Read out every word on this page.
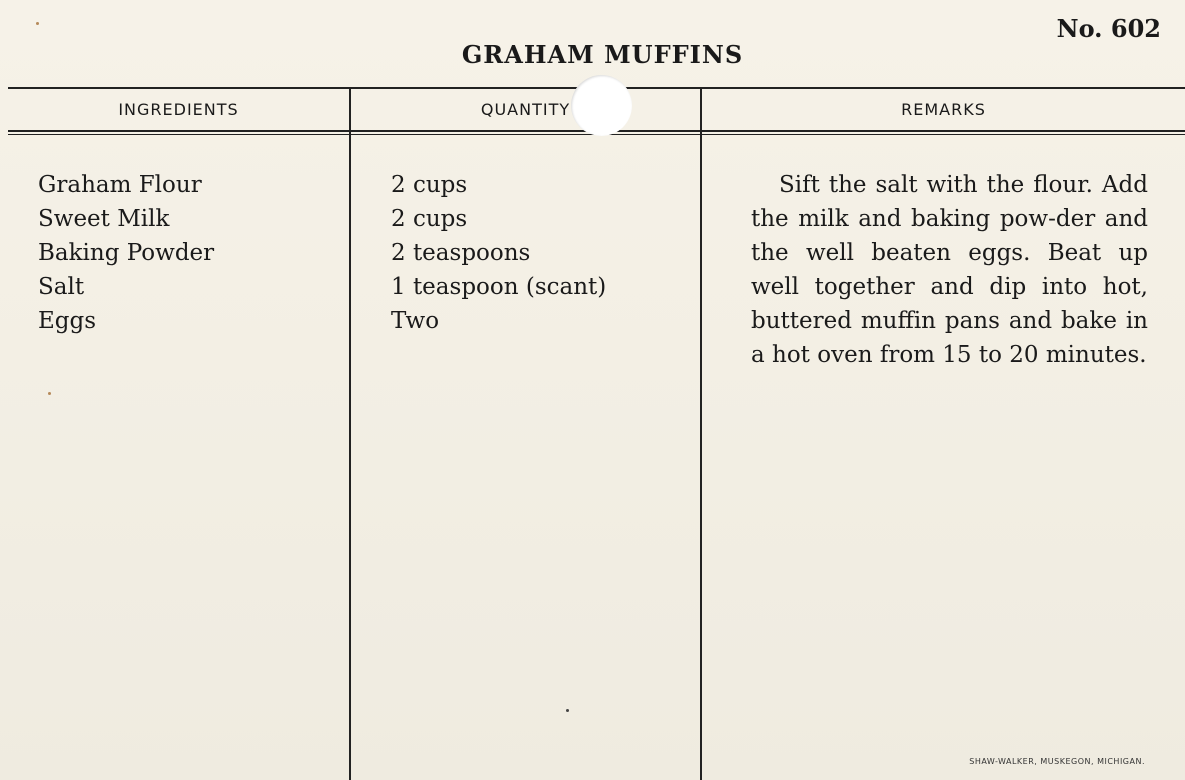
No. 602
GRAHAM MUFFINS
INGREDIENTS	QUANTITY	REMARKS
Graham Flour
Sweet Milk
Baking Powder
Salt
Eggs
2 cups
2 cups
2 teaspoons
1 teaspoon (scant)
Two

Sift the salt with the flour. Add the milk and baking pow-der and the well beaten eggs. Beat up well together and dip into hot, buttered muffin pans and bake in a hot oven from 15 to 20 minutes.

SHAW-WALKER, MUSKEGON, MICHIGAN.
